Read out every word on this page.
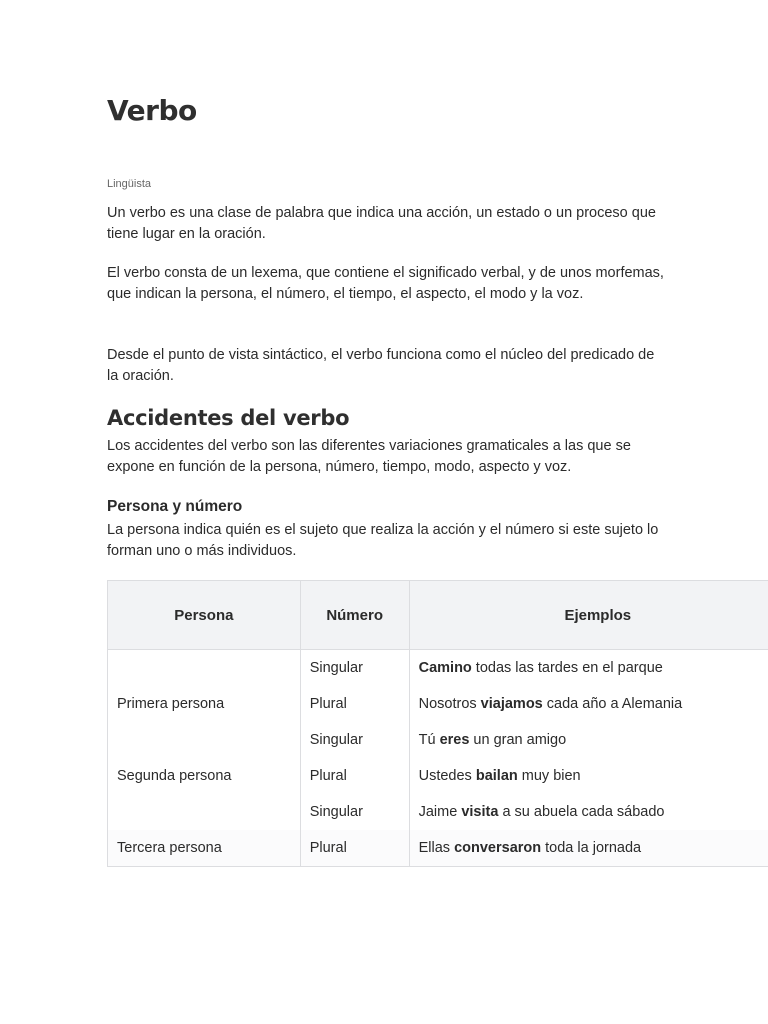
Verbo
Lingüista

Un verbo es una clase de palabra que indica una acción, un estado o un proceso que tiene lugar en la oración.

El verbo consta de un lexema, que contiene el significado verbal, y de unos morfemas, que indican la persona, el número, el tiempo, el aspecto, el modo y la voz.

Desde el punto de vista sintáctico, el verbo funciona como el núcleo del predicado de la oración.

Accidentes del verbo

Los accidentes del verbo son las diferentes variaciones gramaticales a las que se expone en función de la persona, número, tiempo, modo, aspecto y voz.

Persona y número

La persona indica quién es el sujeto que realiza la acción y el número si este sujeto lo forman uno o más individuos.

Persona	Número	Ejemplos
	Singular	Camino todas las tardes en el parque
Primera persona	Plural	Nosotros viajamos cada año a Alemania
	Singular	Tú eres un gran amigo
Segunda persona	Plural	Ustedes bailan muy bien
	Singular	Jaime visita a su abuela cada sábado
Tercera persona	Plural	Ellas conversaron toda la jornada
